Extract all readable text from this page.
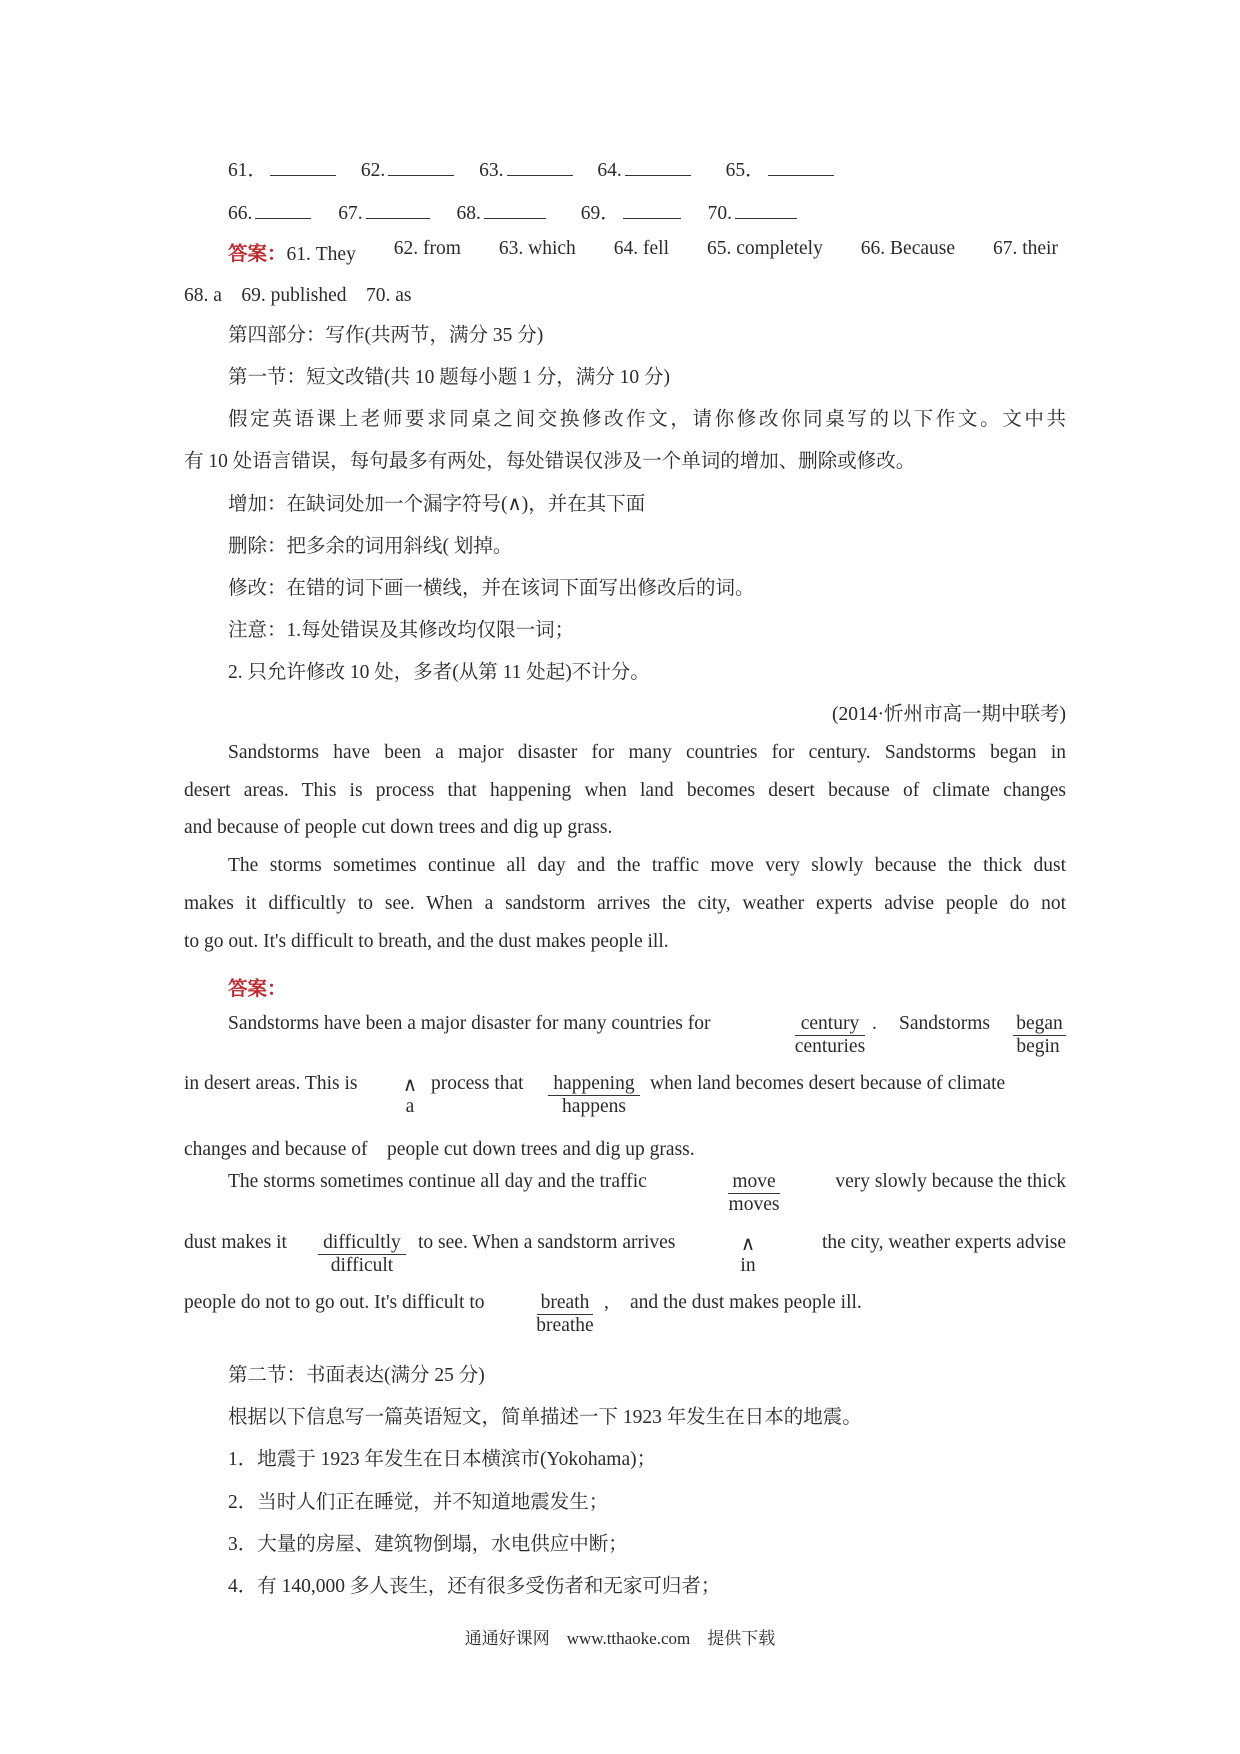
61．	62.	63.	64.	65．
66.	67.	68.	69．	70.
答案：61. They 62. from 63. which 64. fell 65. completely 66. Because 67. their
68. a　69. published　70. as
第四部分：写作(共两节，满分 35 分)
第一节：短文改错(共 10 题每小题 1 分，满分 10 分)
假定英语课上老师要求同桌之间交换修改作文，请你修改你同桌写的以下作文。文中共
有 10 处语言错误，每句最多有两处，每处错误仅涉及一个单词的增加、删除或修改。
增加：在缺词处加一个漏字符号(∧)，并在其下面
删除：把多余的词用斜线( 划掉。
修改：在错的词下画一横线，并在该词下面写出修改后的词。
注意：1.每处错误及其修改均仅限一词；
2. 只允许修改 10 处，多者(从第 11 处起)不计分。
(2014·忻州市高一期中联考)
Sandstorms have been a major disaster for many countries for century. Sandstorms began in
desert areas. This is process that happening when land becomes desert because of climate changes
and because of people cut down trees and dig up grass.
The storms sometimes continue all day and the traffic move very slowly because the thick dust
makes it difficultly to see. When a sandstorm arrives the city, weather experts advise people do not
to go out. It's difficult to breath, and the dust makes people ill.
答案：
Sandstorms have been a major disaster for many countries for	century
centuries
. Sandstorms began
begin
in desert areas. This is ∧
a
process that happening
happens
when land becomes desert because of climate
changes and because of　people cut down trees and dig up grass.
The storms sometimes continue all day and the traffic	move
moves
very slowly because the thick
dust makes it difficultly
difficult
to see. When a sandstorm arrives	∧
in
the city, weather experts advise
people do not to go out. It's difficult to	breath
breathe
, and the dust makes people ill.
第二节：书面表达(满分 25 分)
根据以下信息写一篇英语短文，简单描述一下 1923 年发生在日本的地震。
1．地震于 1923 年发生在日本横滨市(Yokohama)；
2．当时人们正在睡觉，并不知道地震发生；
3．大量的房屋、建筑物倒塌，水电供应中断；
4．有 140,000 多人丧生，还有很多受伤者和无家可归者；
通通好课网　www.tthaoke.com　提供下载
